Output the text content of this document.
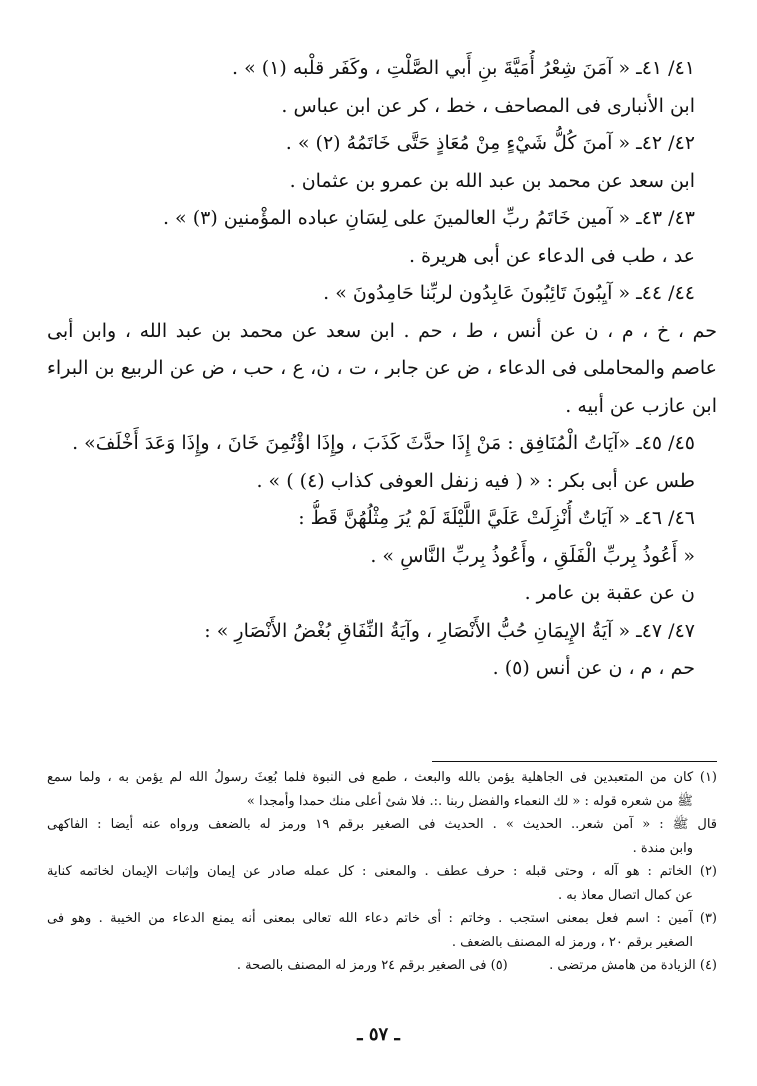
٤١/ ٤١ـ « آمَنَ شِعْرُ أُمَيَّةَ بنِ أَبي الصَّلْتِ ، وكَفَر قلْبه (١) » .
ابن الأنبارى فى المصاحف ، خط ، كر عن ابن عباس .
٤٢/ ٤٢ـ « آمنَ كُلُّ شَيْءٍ مِنْ مُعَاذٍ حَتَّى خَاتَمُهُ (٢) » .
ابن سعد عن محمد بن عبد الله بن عمرو بن عثمان .
٤٣/ ٤٣ـ « آمين خَاتَمُ ربِّ العالمينَ على لِسَانِ عباده المؤْمنين (٣) » .
عد ، طب فى الدعاء عن أبى هريرة .
٤٤/ ٤٤ـ « آيِبُونَ تَائِبُونَ عَابِدُون لربِّنا حَامِدُونَ » .
حم ، خ ، م ، ن عن أنس ، ط ، حم . ابن سعد عن محمد بن عبد الله ، وابن أبى
عاصم والمحاملى فى الدعاء ، ض عن جابر ، ت ، ن، ع ، حب ، ض عن الربيع بن البراء
ابن عازب عن أبيه .
٤٥/ ٤٥ـ «آيَاتُ الْمُنَافِق : مَنْ إِذَا حدَّثَ كَذَبَ ، وإِذَا اؤْتُمِنَ خَانَ ، وإِذَا وَعَدَ أَخْلَفَ» .
طس عن أبى بكر : « ( فيه زنفل العوفى كذاب (٤) ) » .
٤٦/ ٤٦ـ « آيَاتٌ أُنْزِلَتْ عَلَيَّ اللَّيْلَةَ لَمْ يُرَ مِثْلُهُنَّ قَطُّ :
« أَعُوذُ بِربِّ الْفَلَقِ ، وأَعُوذُ بِربِّ النَّاسِ » .
ن عن عقبة بن عامر .
٤٧/ ٤٧ـ « آيَةُ الإِيمَانِ حُبُّ الأَنْصَارِ ، وآيَةُ النِّفَاقِ بُغْضُ الأَنْصَارِ » :
حم ، م ، ن عن أنس (٥) .
(١) كان من المتعبدين فى الجاهلية يؤمن بالله والبعث ، طمع فى النبوة فلما بُعِثَ رسولُ الله لم يؤمن به ، ولما سمع
ﷺ من شعره قوله : « لك النعماء والفضل ربنا .:. فلا شئ أعلى منك حمدا وأمجدا »
قال ﷺ : « آمن شعر.. الحديث » . الحديث فى الصغير برقم ١٩ ورمز له بالضعف ورواه عنه أيضا : الفاكهى
وابن مندة .
(٢) الخاتم : هو آله ، وحتى قبله : حرف عطف . والمعنى : كل عمله صادر عن إيمان وإثبات الإيمان لخاتمه كناية
عن كمال اتصال معاذ به .
(٣) آمين : اسم فعل بمعنى استجب . وخاتم : أى خاتم دعاء الله تعالى بمعنى أنه يمنع الدعاء من الخيبة . وهو فى
الصغير برقم ٢٠ ، ورمز له المصنف بالضعف .
(٤) الزيادة من هامش مرتضى .          (٥) فى الصغير برقم ٢٤ ورمز له المصنف بالصحة .
ـ ٥٧ ـ
